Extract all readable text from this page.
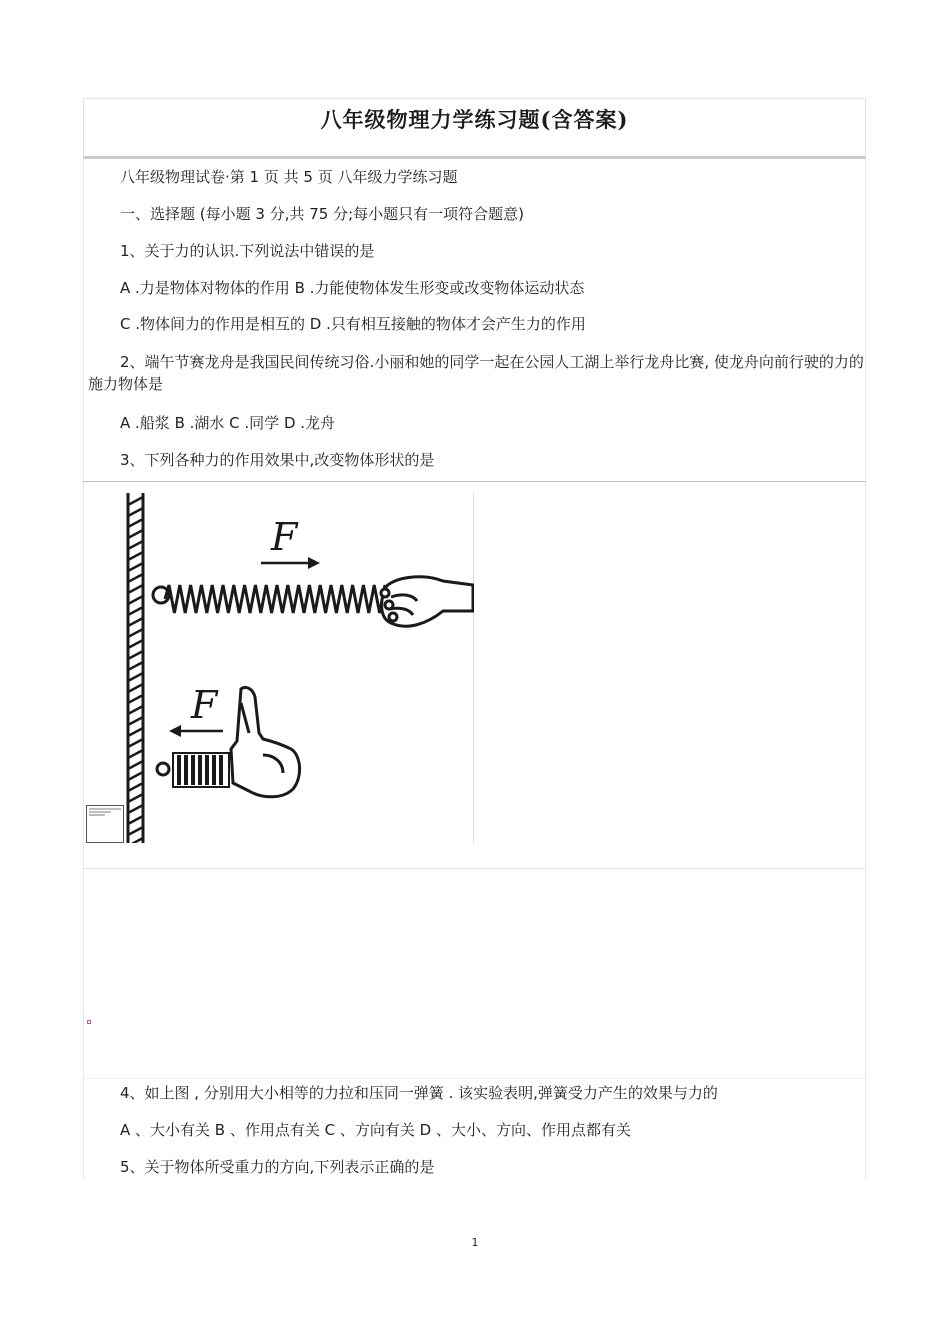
八年级物理力学练习题(含答案)
八年级物理试卷·第 1 页 共 5 页 八年级力学练习题
一、选择题 (每小题 3 分,共 75 分;每小题只有一项符合题意)
1、关于力的认识.下列说法中错误的是
A .力是物体对物体的作用 B .力能使物体发生形变或改变物体运动状态
C .物体间力的作用是相互的 D .只有相互接触的物体才会产生力的作用
2、端午节赛龙舟是我国民间传统习俗.小丽和她的同学一起在公园人工湖上举行龙舟比赛, 使龙舟向前行驶的力的施力物体是
A .船浆 B .湖水 C .同学 D .龙舟
3、下列各种力的作用效果中,改变物体形状的是
F
F
4、如上图 , 分别用大小相等的力拉和压同一弹簧 . 该实验表明,弹簧受力产生的效果与力的
A 、大小有关 B 、作用点有关 C 、方向有关 D 、大小、方向、作用点都有关
5、关于物体所受重力的方向,下列表示正确的是
1
